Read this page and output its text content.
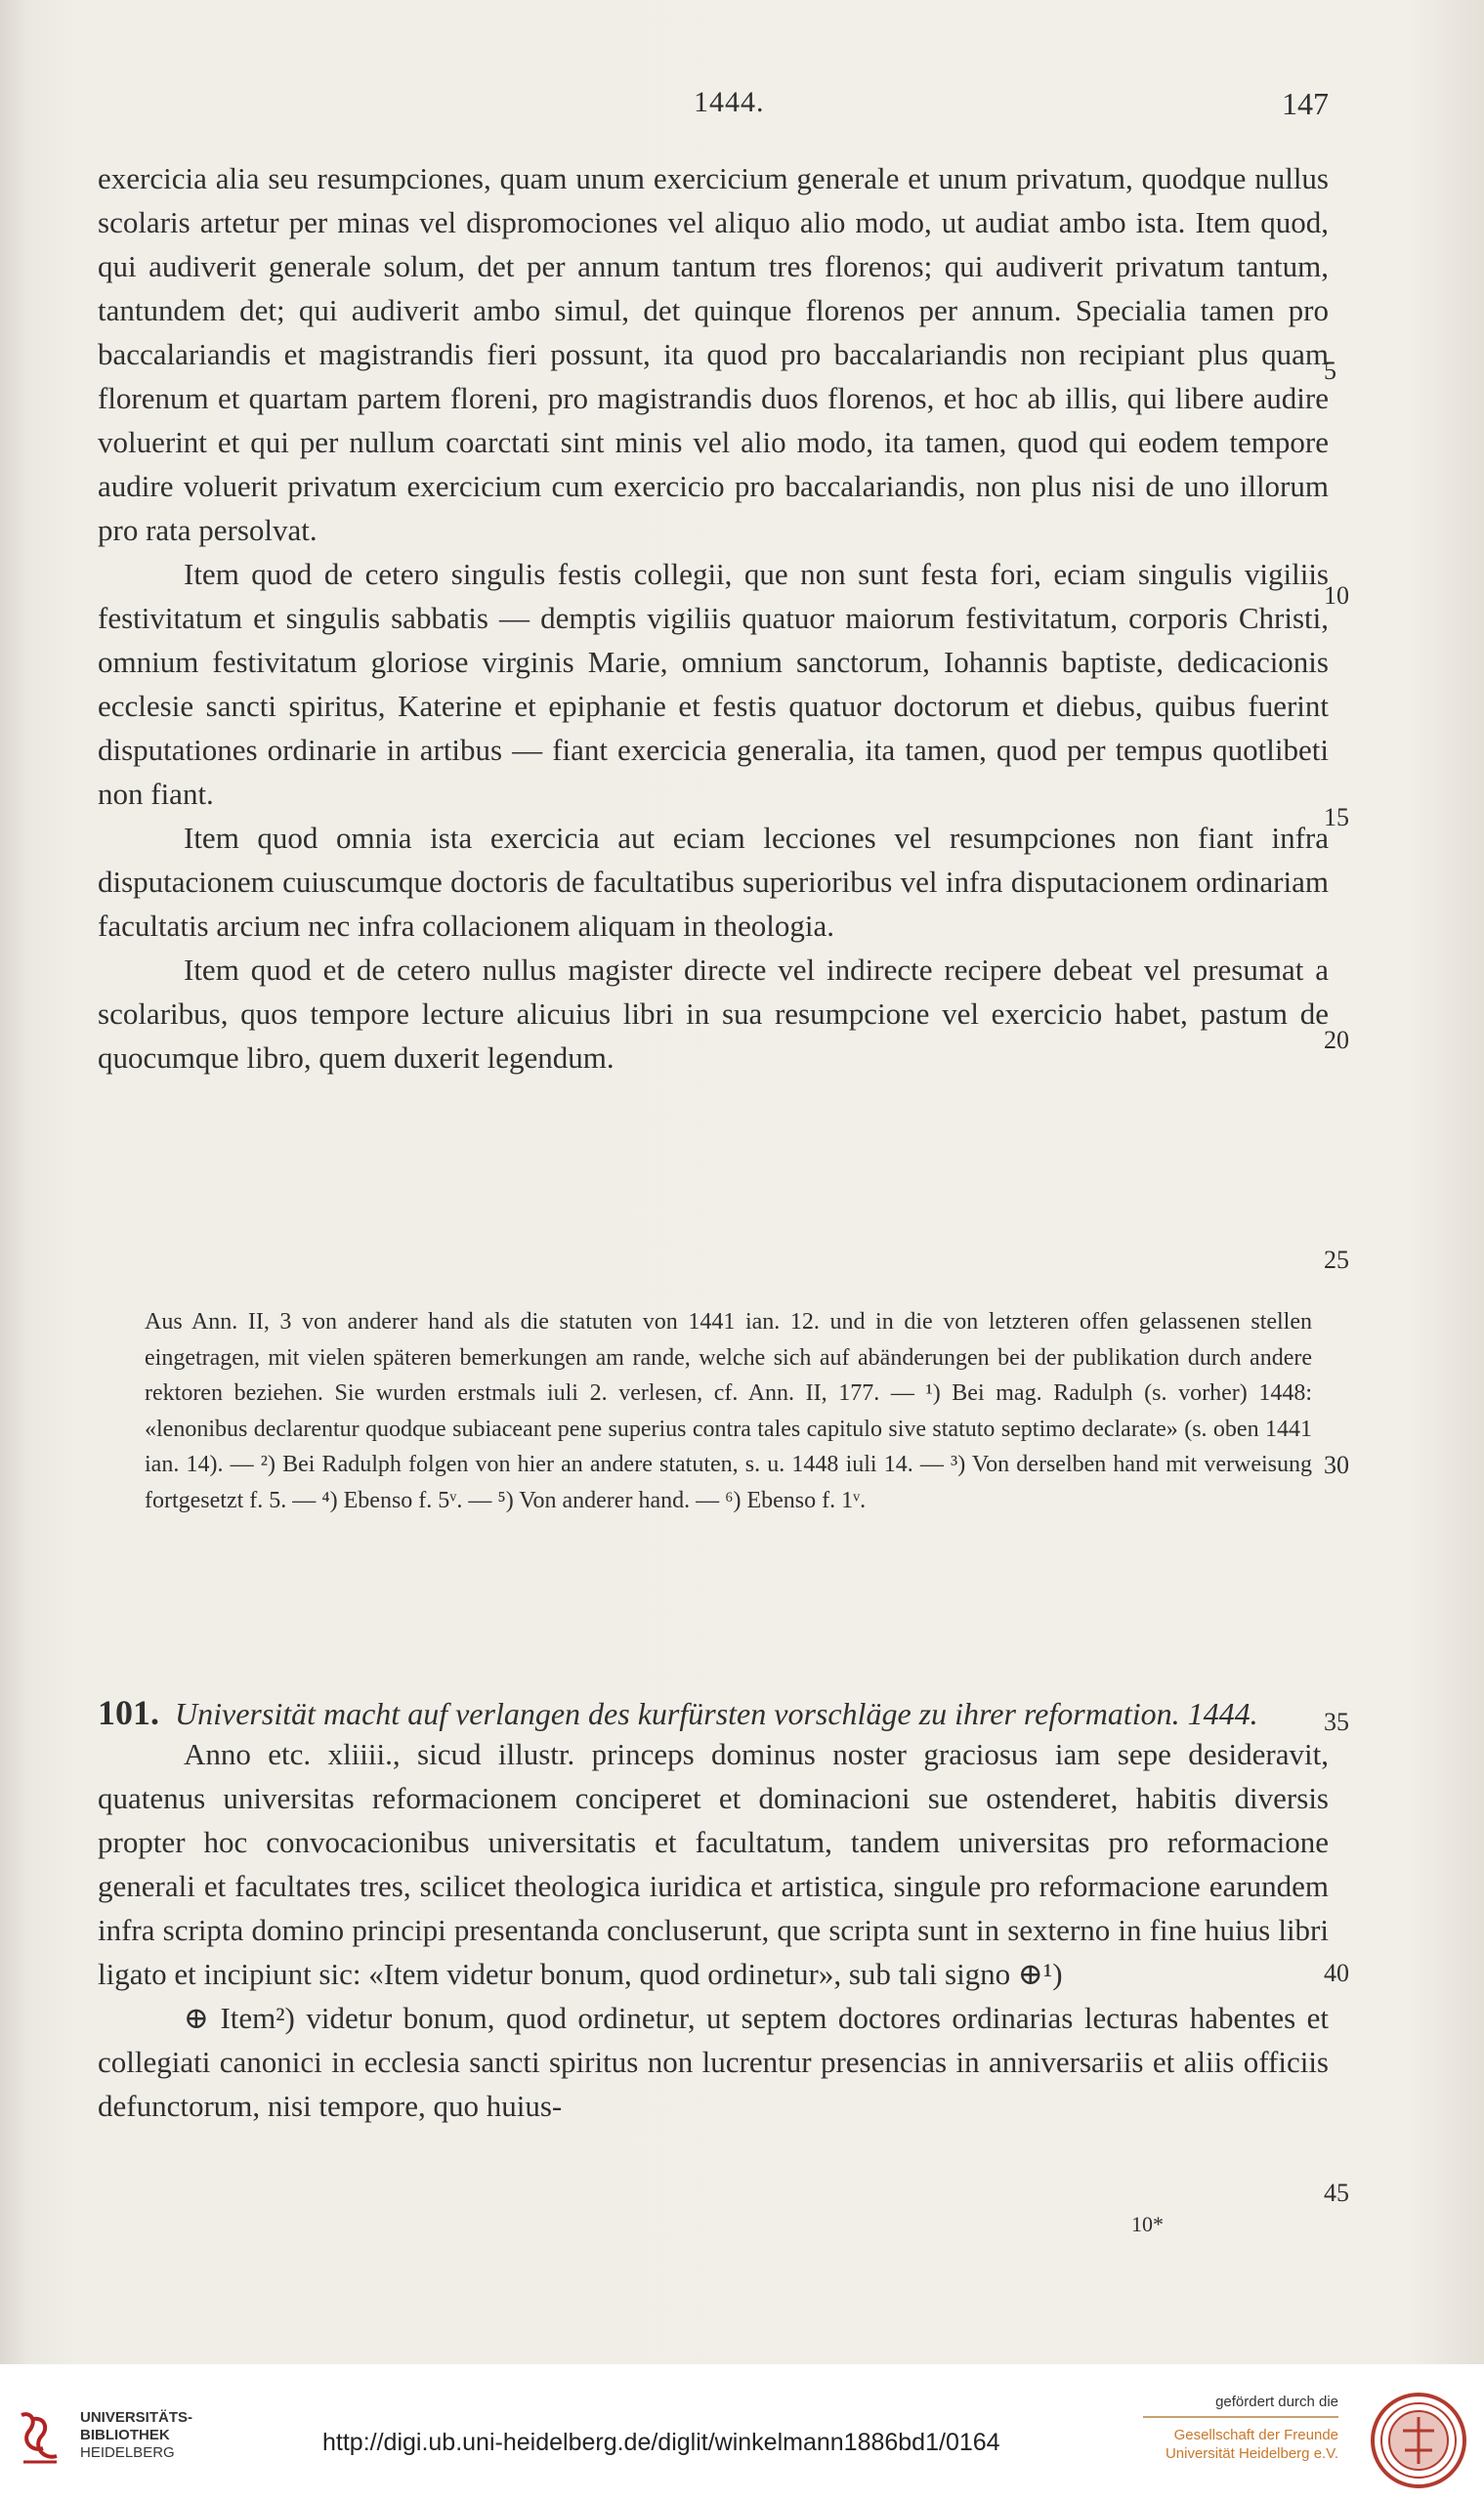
1444.	147

exercicia alia seu resumpciones, quam unum exercicium generale et unum privatum, quodque nullus scolaris artetur per minas vel dispromociones vel aliquo alio modo, ut audiat ambo ista. Item quod, qui audiverit generale solum, det per annum tantum tres florenos; qui audiverit privatum tantum, tantundem det; qui audiverit ambo simul, det quinque florenos per annum. Specialia tamen pro baccalariandis et magistrandis fieri possunt, ita quod pro baccalariandis non recipiant plus quam florenum et quartam partem floreni, pro magistrandis duos florenos, et hoc ab illis, qui libere audire voluerint et qui per nullum coarctati sint minis vel alio modo, ita tamen, quod qui eodem tempore audire voluerit privatum exercicium cum exercicio pro baccalariandis, non plus nisi de uno illorum pro rata persolvat.

Item quod de cetero singulis festis collegii, que non sunt festa fori, eciam singulis vigiliis festivitatum et singulis sabbatis — demptis vigiliis quatuor maiorum festivitatum, corporis Christi, omnium festivitatum gloriose virginis Marie, omnium sanctorum, Iohannis baptiste, dedicacionis ecclesie sancti spiritus, Katerine et epiphanie et festis quatuor doctorum et diebus, quibus fuerint disputationes ordinarie in artibus — fiant exercicia generalia, ita tamen, quod per tempus quotlibeti non fiant.

Item quod omnia ista exercicia aut eciam lecciones vel resumpciones non fiant infra disputacionem cuiuscumque doctoris de facultatibus superioribus vel infra disputacionem ordinariam facultatis arcium nec infra collacionem aliquam in theologia.

Item quod et de cetero nullus magister directe vel indirecte recipere debeat vel presumat a scolaribus, quos tempore lecture alicuius libri in sua resumpcione vel exercicio habet, pastum de quocumque libro, quem duxerit legendum.

Aus Ann. II, 3 von anderer hand als die statuten von 1441 ian. 12. und in die von letzteren offen gelassenen stellen eingetragen, mit vielen späteren bemerkungen am rande, welche sich auf abänderungen bei der publikation durch andere rektoren beziehen. Sie wurden erstmals iuli 2. verlesen, cf. Ann. II, 177. — ¹) Bei mag. Radulph (s. vorher) 1448: «lenonibus declarentur quodque subiaceant pene superius contra tales capitulo sive statuto septimo declarate» (s. oben 1441 ian. 14). — ²) Bei Radulph folgen von hier an andere statuten, s. u. 1448 iuli 14. — ³) Von derselben hand mit verweisung fortgesetzt f. 5. — ⁴) Ebenso f. 5ᵛ. — ⁵) Von anderer hand. — ⁶) Ebenso f. 1ᵛ.

101. Universität macht auf verlangen des kurfürsten vorschläge zu ihrer reformation. 1444.

Anno etc. xliiii., sicud illustr. princeps dominus noster graciosus iam sepe desideravit, quatenus universitas reformacionem conciperet et dominacioni sue ostenderet, habitis diversis propter hoc convocacionibus universitatis et facultatum, tandem universitas pro reformacione generali et facultates tres, scilicet theologica iuridica et artistica, singule pro reformacione earundem infra scripta domino principi presentanda concluserunt, que scripta sunt in sexterno in fine huius libri ligato et incipiunt sic: «Item videtur bonum, quod ordinetur», sub tali signo ⊕¹)

⊕ Item²) videtur bonum, quod ordinetur, ut septem doctores ordinarias lecturas habentes et collegiati canonici in ecclesia sancti spiritus non lucrentur presencias in anniversariis et aliis officiis defunctorum, nisi tempore, quo huius-

5
10
15
20
25
30
35
40
45
10*
UNIVERSITÄTS-
BIBLIOTHEK
HEIDELBERG	http://digi.ub.uni-heidelberg.de/diglit/winkelmann1886bd1/0164
gefördert durch die
Gesellschaft der Freunde
Universität Heidelberg e.V.
